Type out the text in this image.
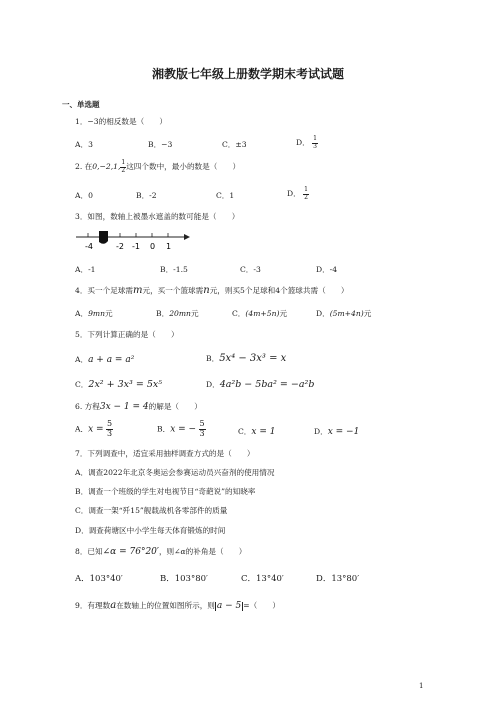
湘教版七年级上册数学期末考试试题
一、单选题
1．−3的相反数是（　　）
A．3	B．−3	C．±3	D． $\frac{1}{3}$
2. 在0,−2,1, $\frac{1}{2}$ 这四个数中，最小的数是（　　）
A．0	B．-2	C．1	D． $\frac{1}{2}$
3．如图，数轴上被墨水遮盖的数可能是（　　）
-4	-2 -1 0 1
A．-1	B．-1.5	C．-3	D．-4
4．买一个足球需m元，买一个篮球需n元，则买5个足球和4个篮球共需（　　）
A．9mn元	B．20mn元	C．(4m+5n)元	D．(5m+4n)元
5．下列计算正确的是（　　）
A．a + a = a²	B．5x⁴ − 3x³ = x
C．2x² + 3x³ = 5x⁵	D．4a²b − 5ba² = −a²b
6. 方程3x − 1 = 4的解是（　　）
A．$x = \frac{5}{3}$	B．x = − $\frac{5}{3}$	C．x = 1	D．x = −1
7．下列调查中，适宜采用抽样调查方式的是（　　）
A．调查2022年北京冬奥运会参赛运动员兴奋剂的使用情况
B．调查一个班级的学生对电视节目“奇葩说”的知晓率
C．调查一架“歼15”舰载战机各零部件的质量
D．调查荷塘区中小学生每天体育锻炼的时间
8．已知∠α = 76°20′，则∠α的补角是（　　）
A．103°40′	B．103°80′	C．13°40′	D．13°80′
9．有理数a在数轴上的位置如图所示，则 a − 5 =（　　）
1
